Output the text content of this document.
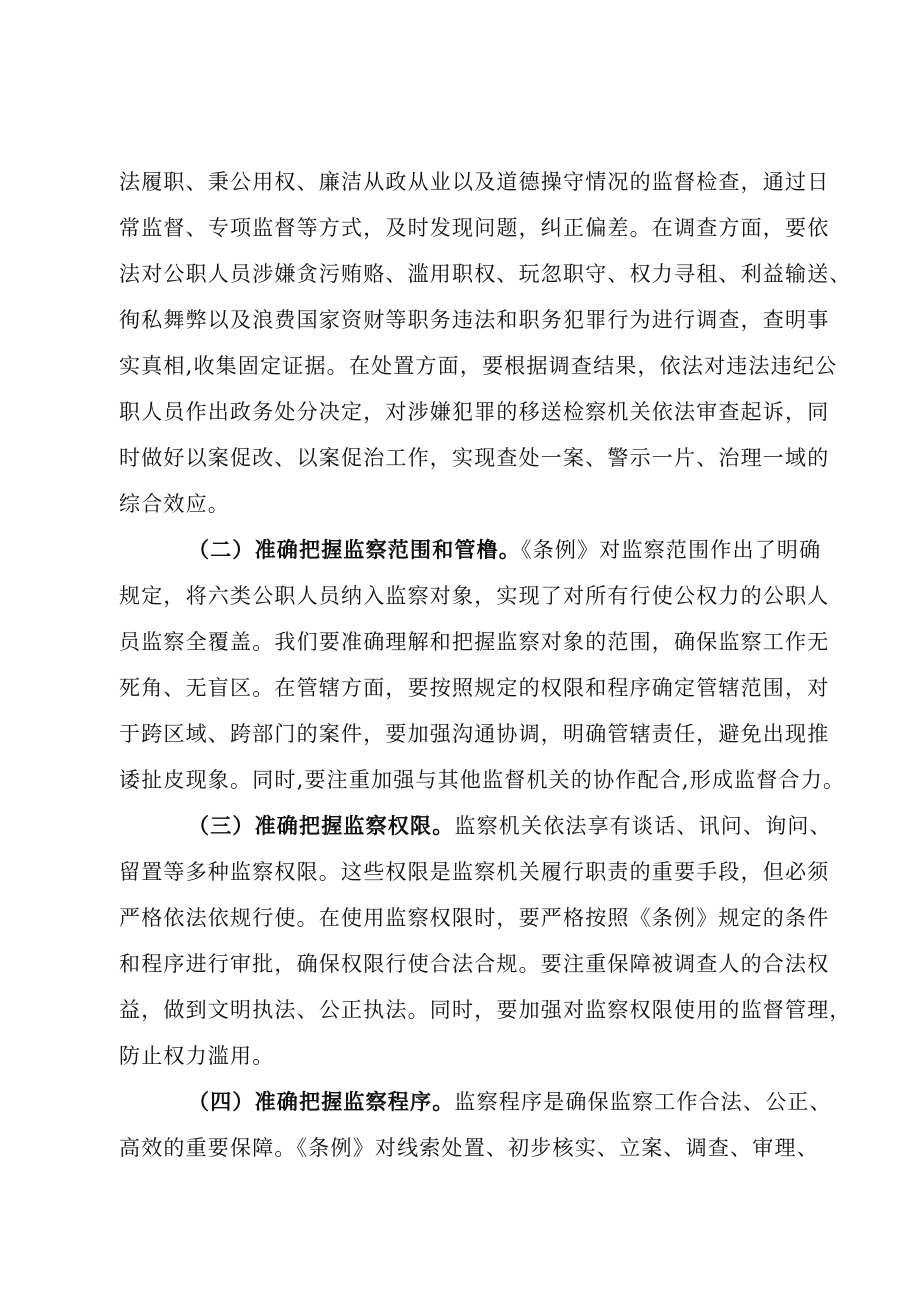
法履职、秉公用权、廉洁从政从业以及道德操守情况的监督检查，通过日
常监督、专项监督等方式，及时发现问题，纠正偏差。在调查方面，要依
法对公职人员涉嫌贪污贿赂、滥用职权、玩忽职守、权力寻租、利益输送、
徇私舞弊以及浪费国家资财等职务违法和职务犯罪行为进行调查，查明事
实真相,收集固定证据。在处置方面，要根据调查结果，依法对违法违纪公
职人员作出政务处分决定，对涉嫌犯罪的移送检察机关依法审查起诉，同
时做好以案促改、以案促治工作，实现查处一案、警示一片、治理一域的
综合效应。
（二）准确把握监察范围和管橹。《条例》对监察范围作出了明确
规定，将六类公职人员纳入监察对象，实现了对所有行使公权力的公职人
员监察全覆盖。我们要准确理解和把握监察对象的范围，确保监察工作无
死角、无盲区。在管辖方面，要按照规定的权限和程序确定管辖范围，对
于跨区域、跨部门的案件，要加强沟通协调，明确管辖责任，避免出现推
诿扯皮现象。同时,要注重加强与其他监督机关的协作配合,形成监督合力。
（三）准确把握监察权限。监察机关依法享有谈话、讯问、询问、
留置等多种监察权限。这些权限是监察机关履行职责的重要手段，但必须
严格依法依规行使。在使用监察权限时，要严格按照《条例》规定的条件
和程序进行审批，确保权限行使合法合规。要注重保障被调查人的合法权
益，做到文明执法、公正执法。同时，要加强对监察权限使用的监督管理，
防止权力滥用。
（四）准确把握监察程序。监察程序是确保监察工作合法、公正、
高效的重要保障。《条例》对线索处置、初步核实、立案、调查、审理、
